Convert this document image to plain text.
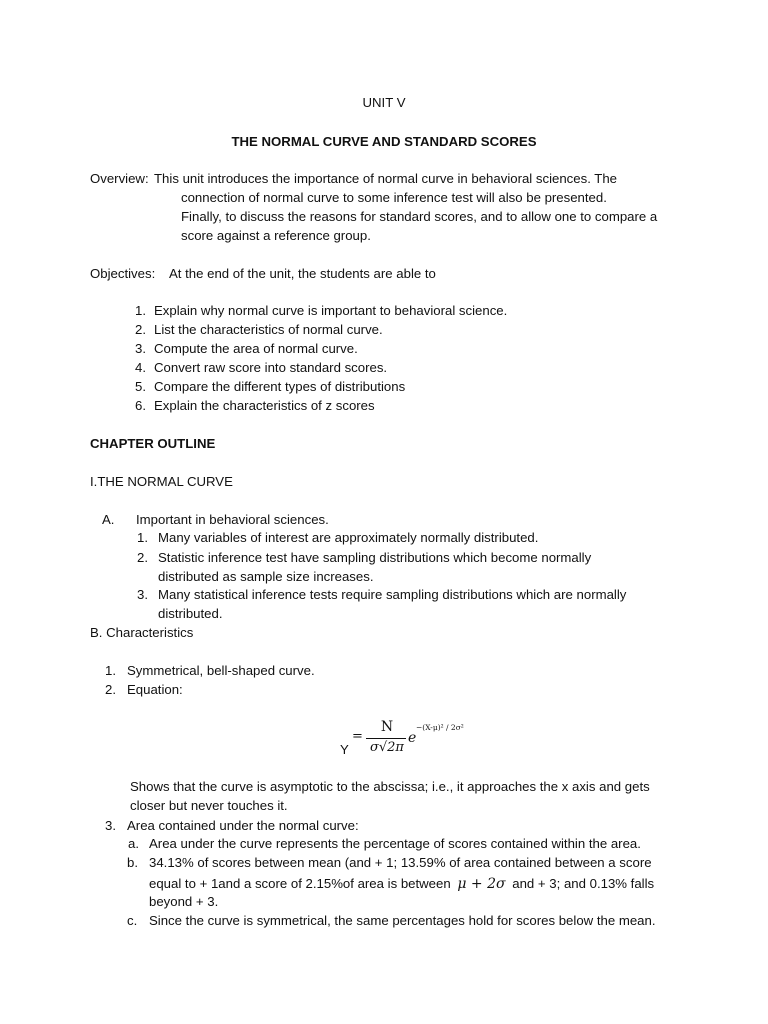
UNIT V
THE NORMAL CURVE AND STANDARD SCORES
Overview: This unit introduces the importance of normal curve in behavioral sciences. The
connection of normal curve to some inference test will also be presented.
Finally, to discuss the reasons for standard scores, and to allow one to compare a
score against a reference group.
Objectives: At the end of the unit, the students are able to
1. Explain why normal curve is important to behavioral science.
2. List the characteristics of normal curve.
3. Compute the area of normal curve.
4. Convert raw score into standard scores.
5. Compare the different types of distributions
6. Explain the characteristics of z scores
CHAPTER OUTLINE
I.THE NORMAL CURVE
A. Important in behavioral sciences.
1. Many variables of interest are approximately normally distributed.
2. Statistic inference test have sampling distributions which become normally
distributed as sample size increases.
3. Many statistical inference tests require sampling distributions which are normally
distributed.
B. Characteristics
1. Symmetrical, bell-shaped curve.
2. Equation:
Y
=
N
σ√2π
e
−(X-μ)² / 2σ²
Shows that the curve is asymptotic to the abscissa; i.e., it approaches the x axis and gets
closer but never touches it.
3. Area contained under the normal curve:
a. Area under the curve represents the percentage of scores contained within the area.
b. 34.13% of scores between mean (and + 1; 13.59% of area contained between a score
equal to + 1and a score of 2.15%of area is between μ + 2σ and + 3; and 0.13% falls
beyond + 3.
c. Since the curve is symmetrical, the same percentages hold for scores below the mean.
